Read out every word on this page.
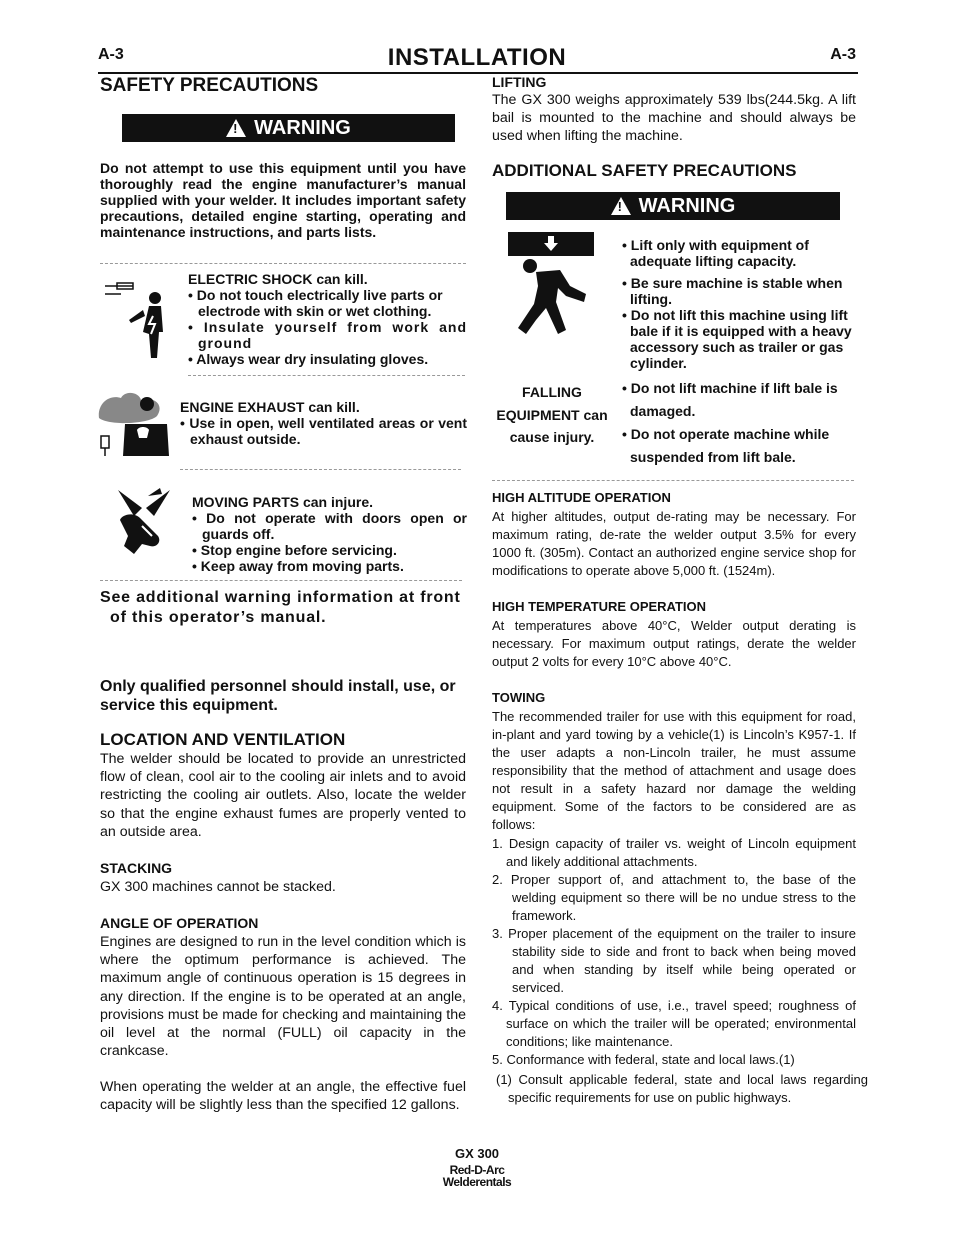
A-3	INSTALLATION	A-3
SAFETY PRECAUTIONS
!
WARNING

Do not attempt to use this equipment until you have thoroughly read the engine manufacturer’s manual supplied with your welder. It includes important safety precautions, detailed engine starting, operating and maintenance instructions, and parts lists.

ELECTRIC SHOCK can kill.

• Do not touch electrically live parts or electrode with skin or wet clothing.
• Insulate yourself from work and ground
• Always wear dry insulating gloves.

ENGINE EXHAUST can kill.

• Use in open, well ventilated areas or vent exhaust outside.

MOVING PARTS can injure.

• Do not operate with doors open or guards off.
• Stop engine before servicing.
• Keep away from moving parts.

See additional warning information at front of this operator’s manual.

Only qualified personnel should install, use, or service this equipment.

LOCATION AND VENTILATION

The welder should be located to provide an unrestricted flow of clean, cool air to the cooling air inlets and to avoid restricting the cooling air outlets. Also, locate the welder so that the engine exhaust fumes are properly vented to an outside area.

STACKING

GX 300 machines cannot be stacked.

ANGLE OF OPERATION

Engines are designed to run in the level condition which is where the optimum performance is achieved. The maximum angle of continuous operation is 15 degrees in any direction. If the engine is to be operated at an angle, provisions must be made for checking and maintaining the oil level at the normal (FULL) oil capacity in the crankcase.

When operating the welder at an angle, the effective fuel capacity will be slightly less than the specified 12 gallons.

LIFTING

The GX 300 weighs approximately 539 lbs(244.5kg. A lift bail is mounted to the machine and should always be used when lifting the machine.

ADDITIONAL SAFETY PRECAUTIONS
!
WARNING
FALLING
EQUIPMENT can
cause injury.
• Lift only with equipment of adequate lifting capacity.
• Be sure machine is stable when lifting.
• Do not lift this machine using lift bale if it is equipped with a heavy accessory such as trailer or gas cylinder.
• Do not lift machine if lift bale is damaged.
• Do not operate machine while suspended from lift bale.

HIGH ALTITUDE OPERATION

At higher altitudes, output de-rating may be necessary. For maximum rating, de-rate the welder output 3.5% for every 1000 ft. (305m). Contact an authorized engine service shop for modifications to operate above 5,000 ft. (1524m).

HIGH TEMPERATURE OPERATION

At temperatures above 40°C, Welder output derating is necessary. For maximum output ratings, derate the welder output 2 volts for every 10°C above 40°C.

TOWING

The recommended trailer for use with this equipment for road, in-plant and yard towing by a vehicle(1) is Lincoln’s K957-1. If the user adapts a non-Lincoln trailer, he must assume responsibility that the method of attachment and usage does not result in a safety hazard nor damage the welding equipment. Some of the factors to be considered are as follows:

1. Design capacity of trailer vs. weight of Lincoln equipment and likely additional attachments.
2. Proper support of, and attachment to, the base of the welding equipment so there will be no undue stress to the framework.
3. Proper placement of the equipment on the trailer to insure stability side to side and front to back when being moved and when standing by itself while being operated or serviced.
4. Typical conditions of use, i.e., travel speed; roughness of surface on which the trailer will be operated; environmental conditions; like maintenance.
5. Conformance with federal, state and local laws.(1)

(1) Consult applicable federal, state and local laws regarding specific requirements for use on public highways.

GX 300
Red-D-Arc
Welderentals
